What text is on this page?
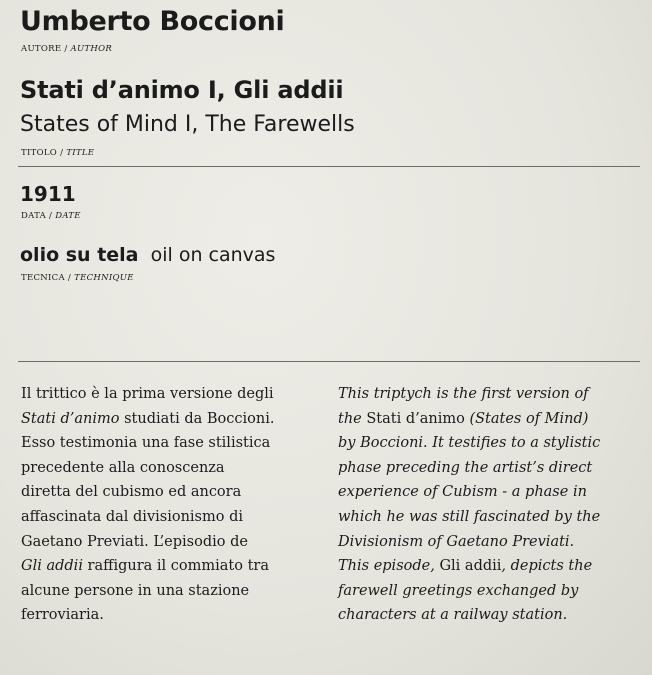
Umberto Boccioni
AUTORE / AUTHOR
Stati d’animo I, Gli addii
States of Mind I, The Farewells
TITOLO / TITLE
1911
DATA / DATE
olio su tela oil on canvas
TECNICA / TECHNIQUE
Il trittico è la prima versione degli
Stati d’animo studiati da Boccioni.
Esso testimonia una fase stilistica
precedente alla conoscenza
diretta del cubismo ed ancora
affascinata dal divisionismo di
Gaetano Previati. L’episodio de
Gli addii raffigura il commiato tra
alcune persone in una stazione
ferroviaria.
This triptych is the first version of
the Stati d’animo (States of Mind)
by Boccioni. It testifies to a stylistic
phase preceding the artist’s direct
experience of Cubism - a phase in
which he was still fascinated by the
Divisionism of Gaetano Previati.
This episode, Gli addii, depicts the
farewell greetings exchanged by
characters at a railway station.
